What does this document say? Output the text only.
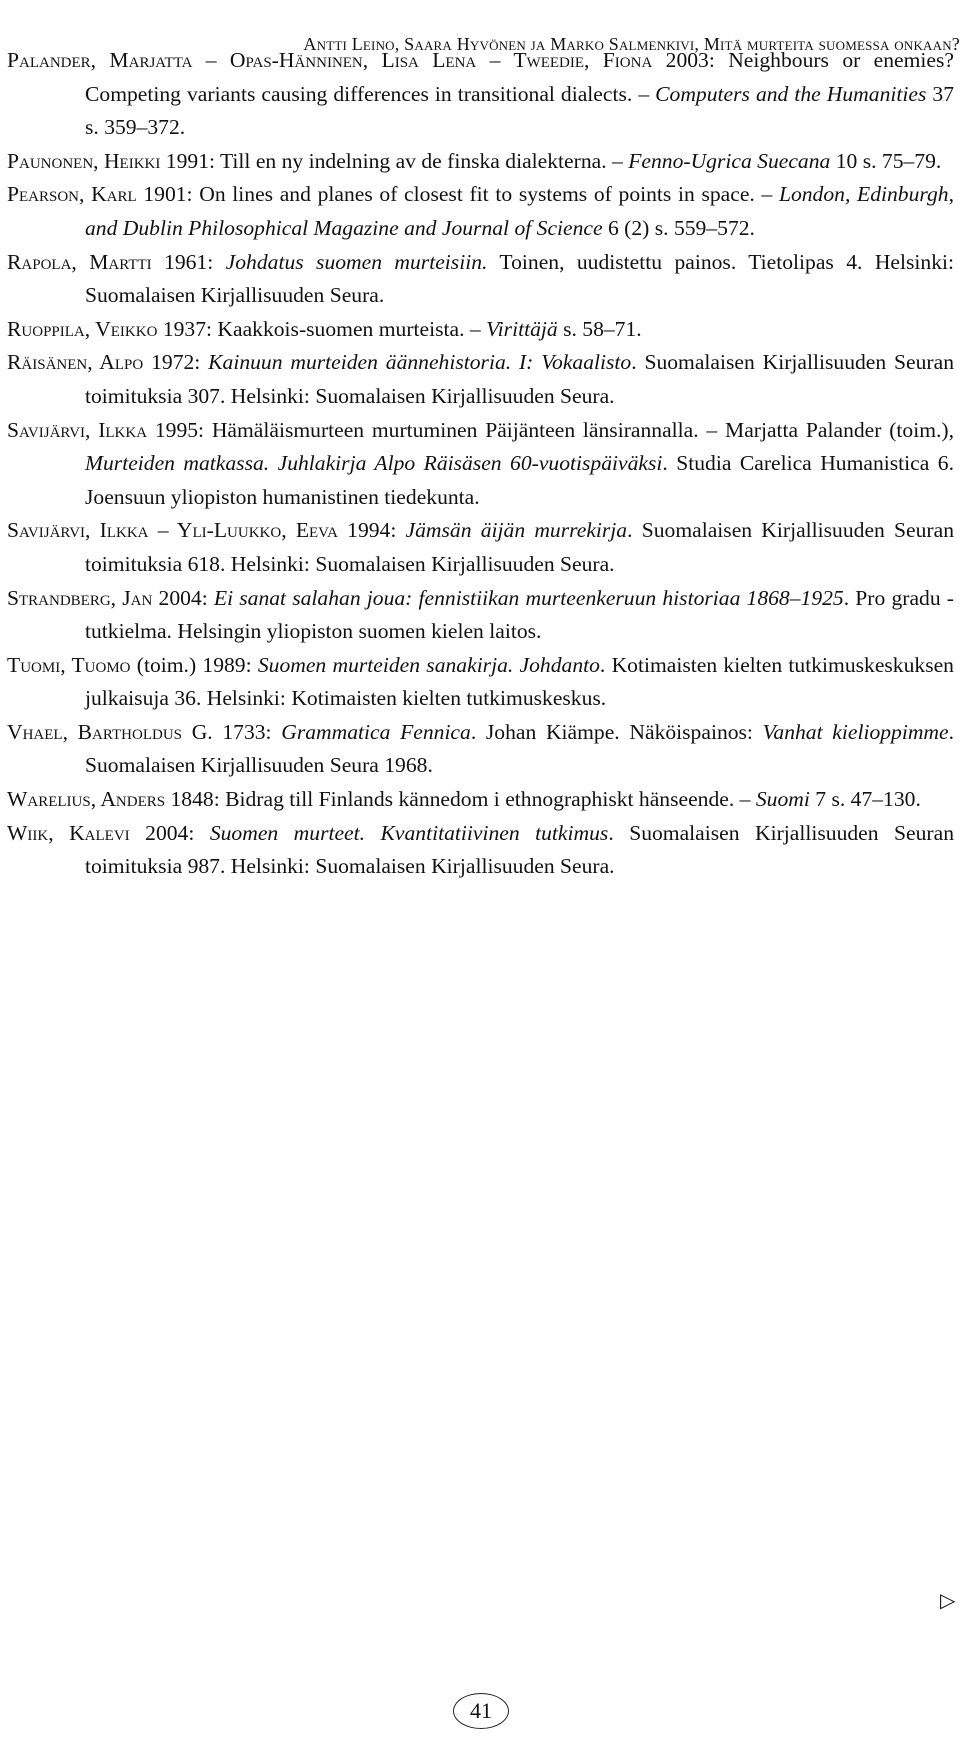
Antti Leino, Saara Hyvönen ja Marko Salmenkivi, Mitä murteita suomessa onkaan?

Palander, Marjatta – Opas-Hänninen, Lisa Lena – Tweedie, Fiona 2003: Neighbours or enemies? Competing variants causing differences in transitional dialects. – Computers and the Humanities 37 s. 359–372.

Paunonen, Heikki 1991: Till en ny indelning av de finska dialekterna. – Fenno-Ugrica Suecana 10 s. 75–79.

Pearson, Karl 1901: On lines and planes of closest fit to systems of points in space. – London, Edinburgh, and Dublin Philosophical Magazine and Journal of Science 6 (2) s. 559–572.

Rapola, Martti 1961: Johdatus suomen murteisiin. Toinen, uudistettu painos. Tietolipas 4. Helsinki: Suomalaisen Kirjallisuuden Seura.

Ruoppila, Veikko 1937: Kaakkois-suomen murteista. – Virittäjä s. 58–71.

Räisänen, Alpo 1972: Kainuun murteiden äännehistoria. I: Vokaalisto. Suomalaisen Kirjallisuuden Seuran toimituksia 307. Helsinki: Suomalaisen Kirjallisuuden Seura.

Savijärvi, Ilkka 1995: Hämäläismurteen murtuminen Päijänteen länsirannalla. – Marjatta Palander (toim.), Murteiden matkassa. Juhlakirja Alpo Räisäsen 60-vuotispäiväksi. Studia Carelica Humanistica 6. Joensuun yliopiston humanistinen tiedekunta.

Savijärvi, Ilkka – Yli-Luukko, Eeva 1994: Jämsän äijän murrekirja. Suomalaisen Kirjallisuuden Seuran toimituksia 618. Helsinki: Suomalaisen Kirjallisuuden Seura.

Strandberg, Jan 2004: Ei sanat salahan joua: fennistiikan murteenkeruun historiaa 1868–1925. Pro gradu -tutkielma. Helsingin yliopiston suomen kielen laitos.

Tuomi, Tuomo (toim.) 1989: Suomen murteiden sanakirja. Johdanto. Kotimaisten kielten tutkimuskeskuksen julkaisuja 36. Helsinki: Kotimaisten kielten tutkimuskeskus.

Vhael, Bartholdus G. 1733: Grammatica Fennica. Johan Kiämpe. Näköispainos: Vanhat kielioppimme. Suomalaisen Kirjallisuuden Seura 1968.

Warelius, Anders 1848: Bidrag till Finlands kännedom i ethnographiskt hänseende. – Suomi 7 s. 47–130.

Wiik, Kalevi 2004: Suomen murteet. Kvantitatiivinen tutkimus. Suomalaisen Kirjallisuuden Seuran toimituksia 987. Helsinki: Suomalaisen Kirjallisuuden Seura.

▷
41
